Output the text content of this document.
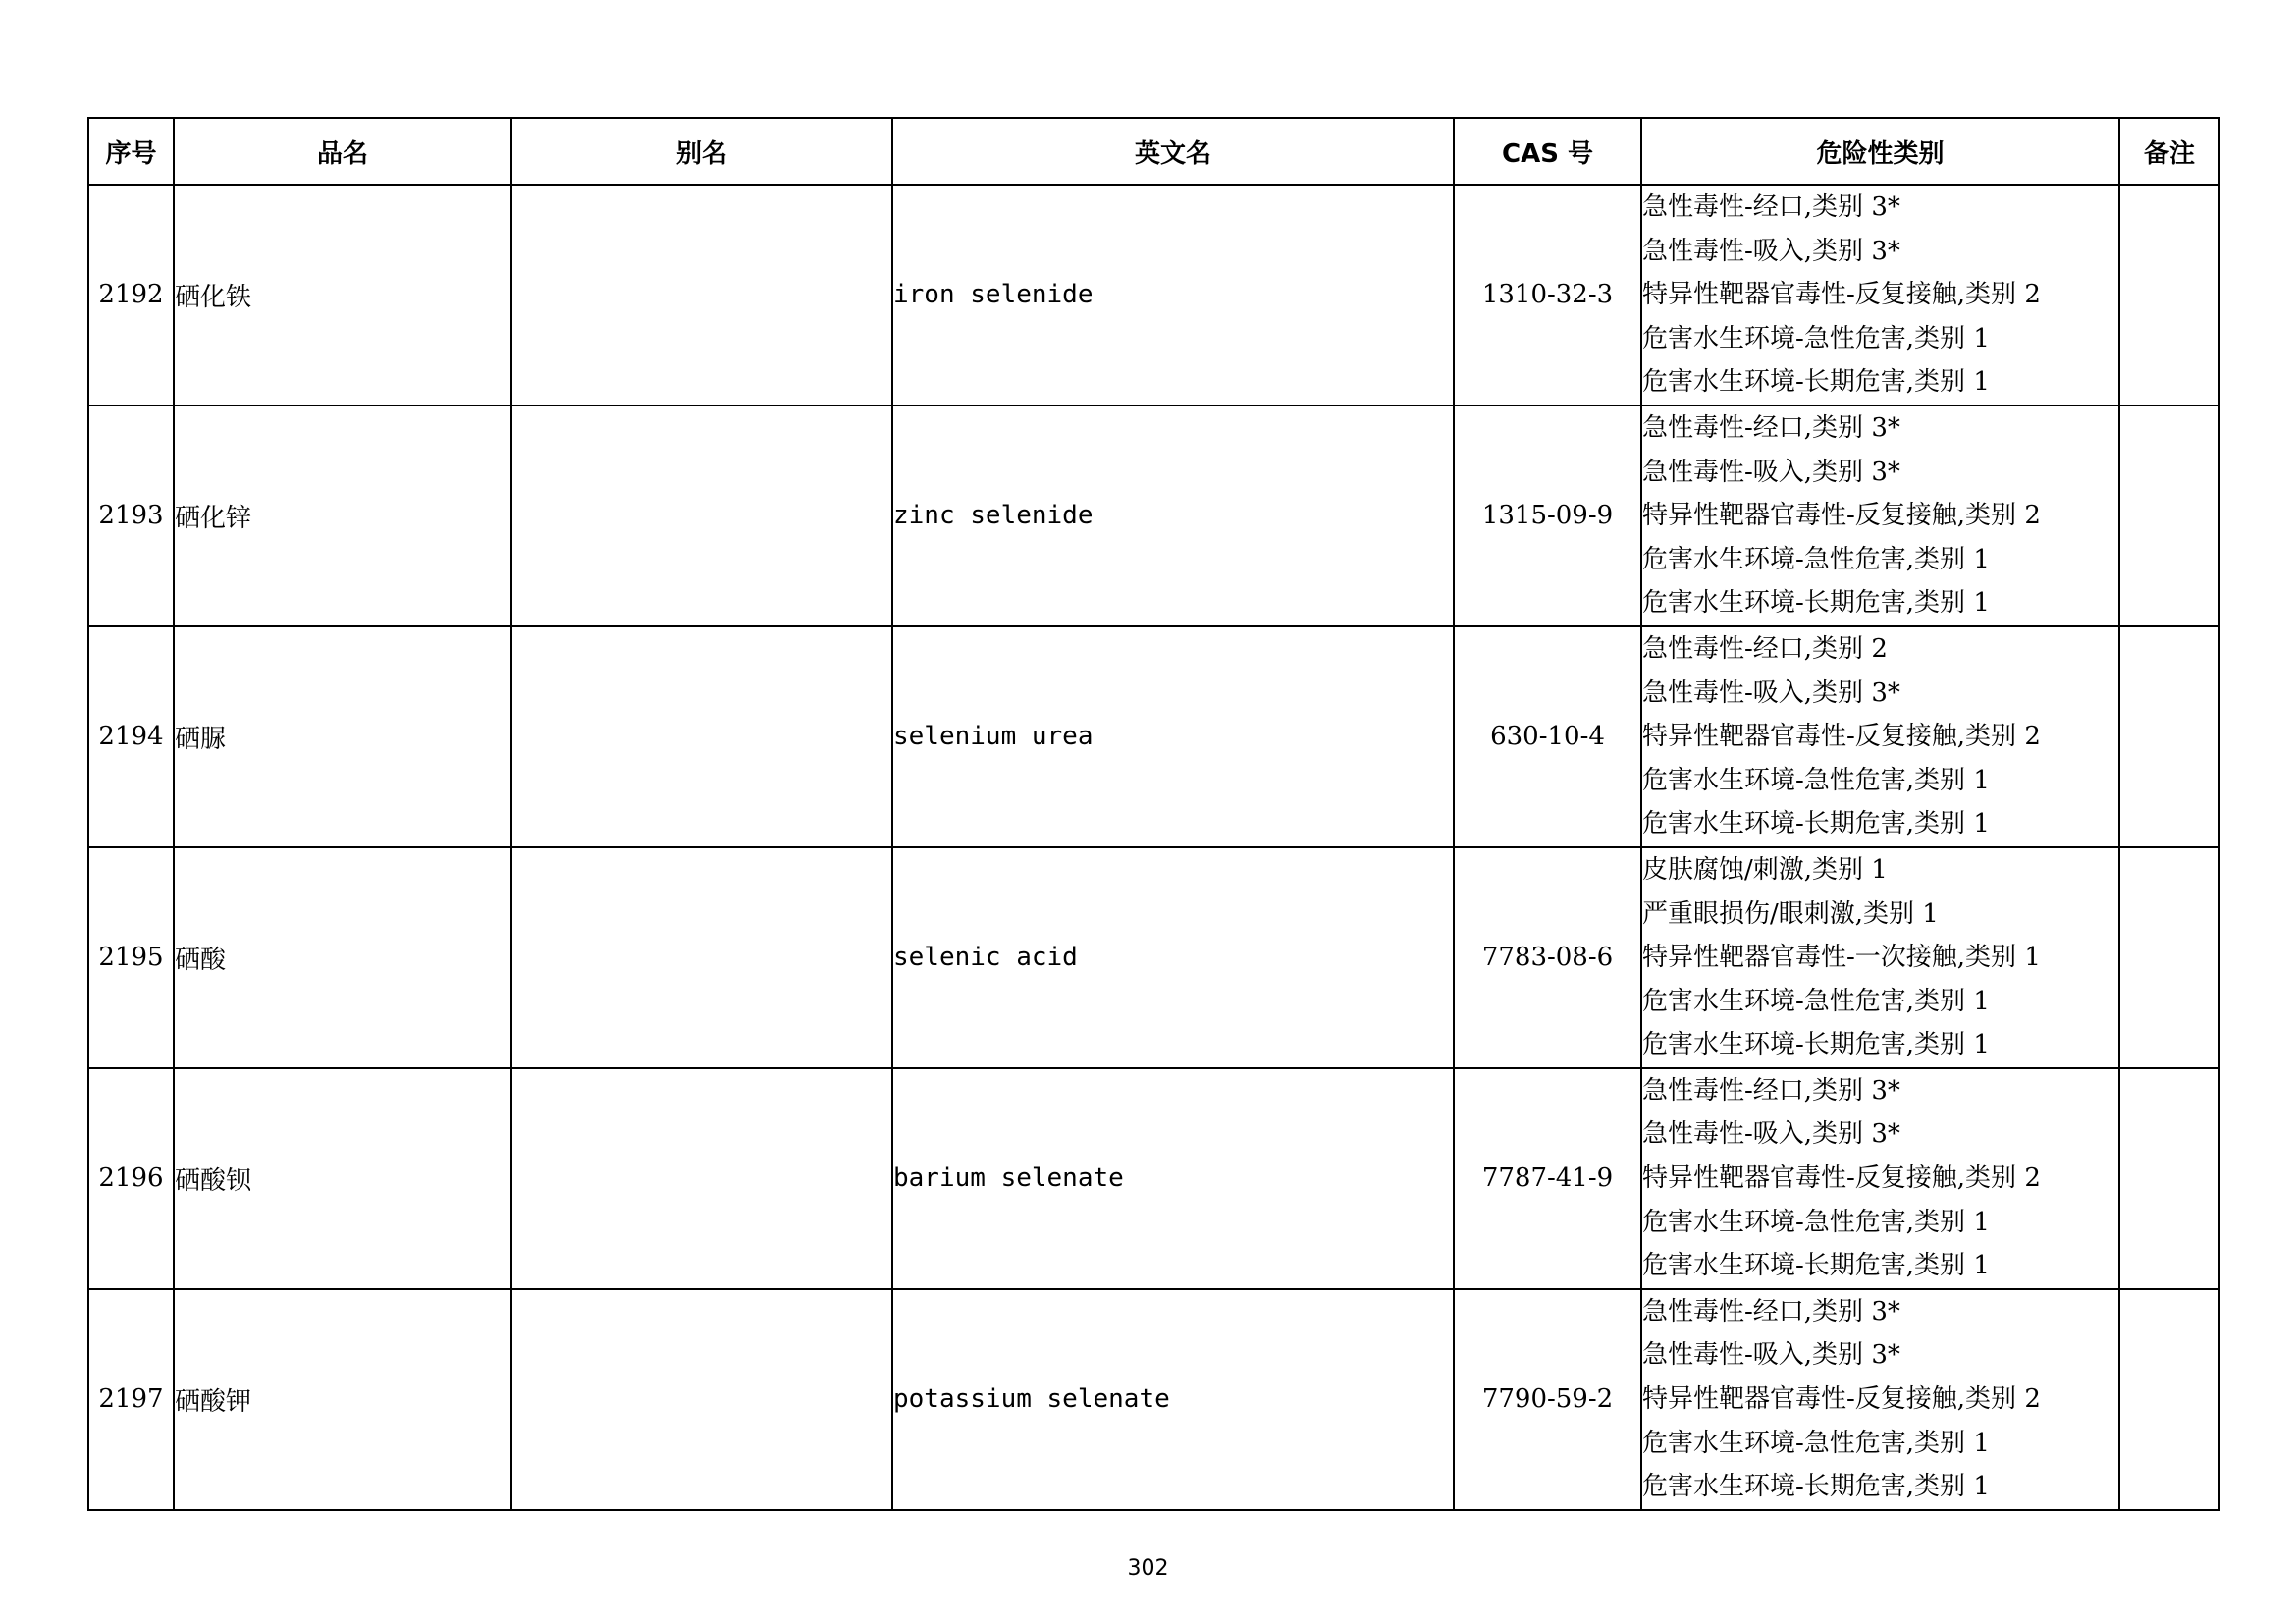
序号	品名	别名	英文名	CAS 号	危险性类别	备注
2192	硒化铁		iron selenide	1310-32-3	急性毒性-经口,类别 3*
急性毒性-吸入,类别 3*
特异性靶器官毒性-反复接触,类别 2
危害水生环境-急性危害,类别 1
危害水生环境-长期危害,类别 1	

2193	硒化锌		zinc selenide	1315-09-9	急性毒性-经口,类别 3*
急性毒性-吸入,类别 3*
特异性靶器官毒性-反复接触,类别 2
危害水生环境-急性危害,类别 1
危害水生环境-长期危害,类别 1	

2194	硒脲		selenium urea	630-10-4	急性毒性-经口,类别 2
急性毒性-吸入,类别 3*
特异性靶器官毒性-反复接触,类别 2
危害水生环境-急性危害,类别 1
危害水生环境-长期危害,类别 1	

2195	硒酸		selenic acid	7783-08-6	皮肤腐蚀/刺激,类别 1
严重眼损伤/眼刺激,类别 1
特异性靶器官毒性-一次接触,类别 1
危害水生环境-急性危害,类别 1
危害水生环境-长期危害,类别 1	

2196	硒酸钡		barium selenate	7787-41-9	急性毒性-经口,类别 3*
急性毒性-吸入,类别 3*
特异性靶器官毒性-反复接触,类别 2
危害水生环境-急性危害,类别 1
危害水生环境-长期危害,类别 1	

2197	硒酸钾		potassium selenate	7790-59-2	急性毒性-经口,类别 3*
急性毒性-吸入,类别 3*
特异性靶器官毒性-反复接触,类别 2
危害水生环境-急性危害,类别 1
危害水生环境-长期危害,类别 1	

302
